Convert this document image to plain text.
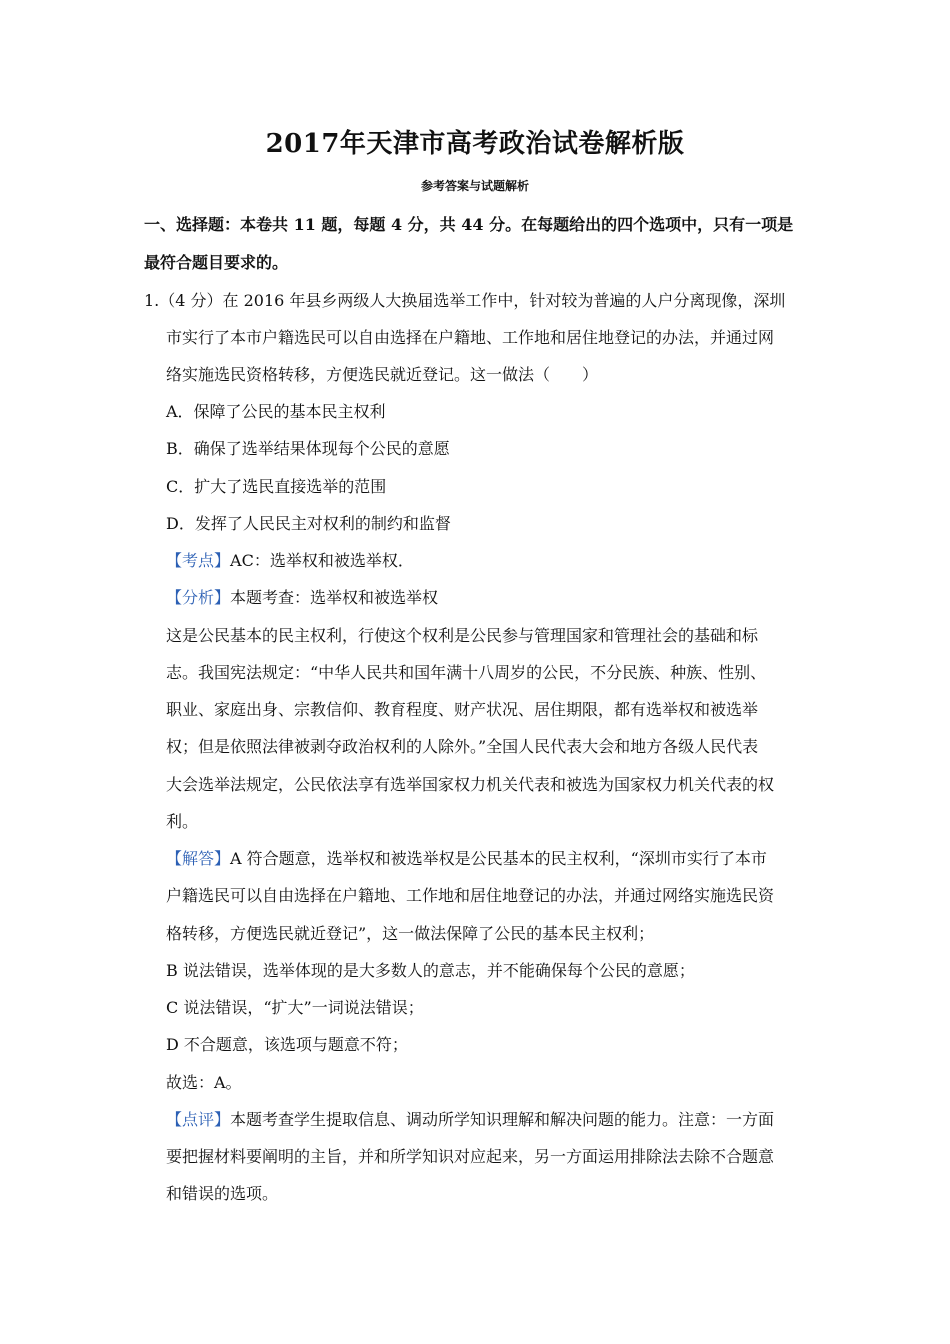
2017年天津市高考政治试卷解析版
参考答案与试题解析
一、选择题：本卷共 11 题，每题 4 分，共 44 分。在每题给出的四个选项中，只有一项是
最符合题目要求的。
1.（4 分）在 2016 年县乡两级人大换届选举工作中，针对较为普遍的人户分离现像，深圳
市实行了本市户籍选民可以自由选择在户籍地、工作地和居住地登记的办法，并通过网
络实施选民资格转移，方便选民就近登记。这一做法（　　）
A．保障了公民的基本民主权利
B．确保了选举结果体现每个公民的意愿
C．扩大了选民直接选举的范围
D．发挥了人民民主对权利的制约和监督
【考点】AC：选举权和被选举权．
【分析】本题考查：选举权和被选举权
这是公民基本的民主权利，行使这个权利是公民参与管理国家和管理社会的基础和标
志。我国宪法规定：“中华人民共和国年满十八周岁的公民，不分民族、种族、性别、
职业、家庭出身、宗教信仰、教育程度、财产状况、居住期限，都有选举权和被选举
权；但是依照法律被剥夺政治权利的人除外。”全国人民代表大会和地方各级人民代表
大会选举法规定，公民依法享有选举国家权力机关代表和被选为国家权力机关代表的权
利。
【解答】A 符合题意，选举权和被选举权是公民基本的民主权利，“深圳市实行了本市
户籍选民可以自由选择在户籍地、工作地和居住地登记的办法，并通过网络实施选民资
格转移，方便选民就近登记”，这一做法保障了公民的基本民主权利；
B 说法错误，选举体现的是大多数人的意志，并不能确保每个公民的意愿；
C 说法错误，“扩大”一词说法错误；
D 不合题意，该选项与题意不符；
故选：A。
【点评】本题考查学生提取信息、调动所学知识理解和解决问题的能力。注意：一方面
要把握材料要阐明的主旨，并和所学知识对应起来，另一方面运用排除法去除不合题意
和错误的选项。
